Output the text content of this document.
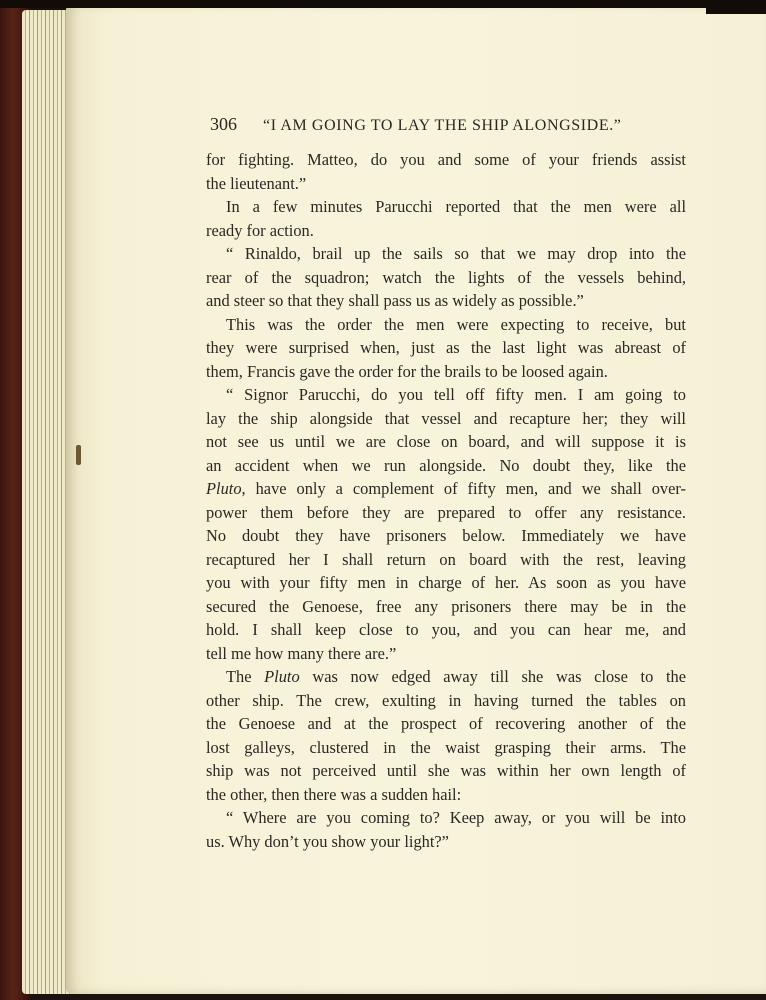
306 “I AM GOING TO LAY THE SHIP ALONGSIDE.”
for fighting. Matteo, do you and some of your friends assist
the lieutenant.”
In a few minutes Parucchi reported that the men were all
ready for action.
“ Rinaldo, brail up the sails so that we may drop into the
rear of the squadron; watch the lights of the vessels behind,
and steer so that they shall pass us as widely as possible.”
This was the order the men were expecting to receive, but
they were surprised when, just as the last light was abreast of
them, Francis gave the order for the brails to be loosed again.
“ Signor Parucchi, do you tell off fifty men. I am going to
lay the ship alongside that vessel and recapture her; they will
not see us until we are close on board, and will suppose it is
an accident when we run alongside. No doubt they, like the
Pluto, have only a complement of fifty men, and we shall over-
power them before they are prepared to offer any resistance.
No doubt they have prisoners below. Immediately we have
recaptured her I shall return on board with the rest, leaving
you with your fifty men in charge of her. As soon as you have
secured the Genoese, free any prisoners there may be in the
hold. I shall keep close to you, and you can hear me, and
tell me how many there are.”
The Pluto was now edged away till she was close to the
other ship. The crew, exulting in having turned the tables on
the Genoese and at the prospect of recovering another of the
lost galleys, clustered in the waist grasping their arms. The
ship was not perceived until she was within her own length of
the other, then there was a sudden hail:
“ Where are you coming to? Keep away, or you will be into
us. Why don’t you show your light?”
